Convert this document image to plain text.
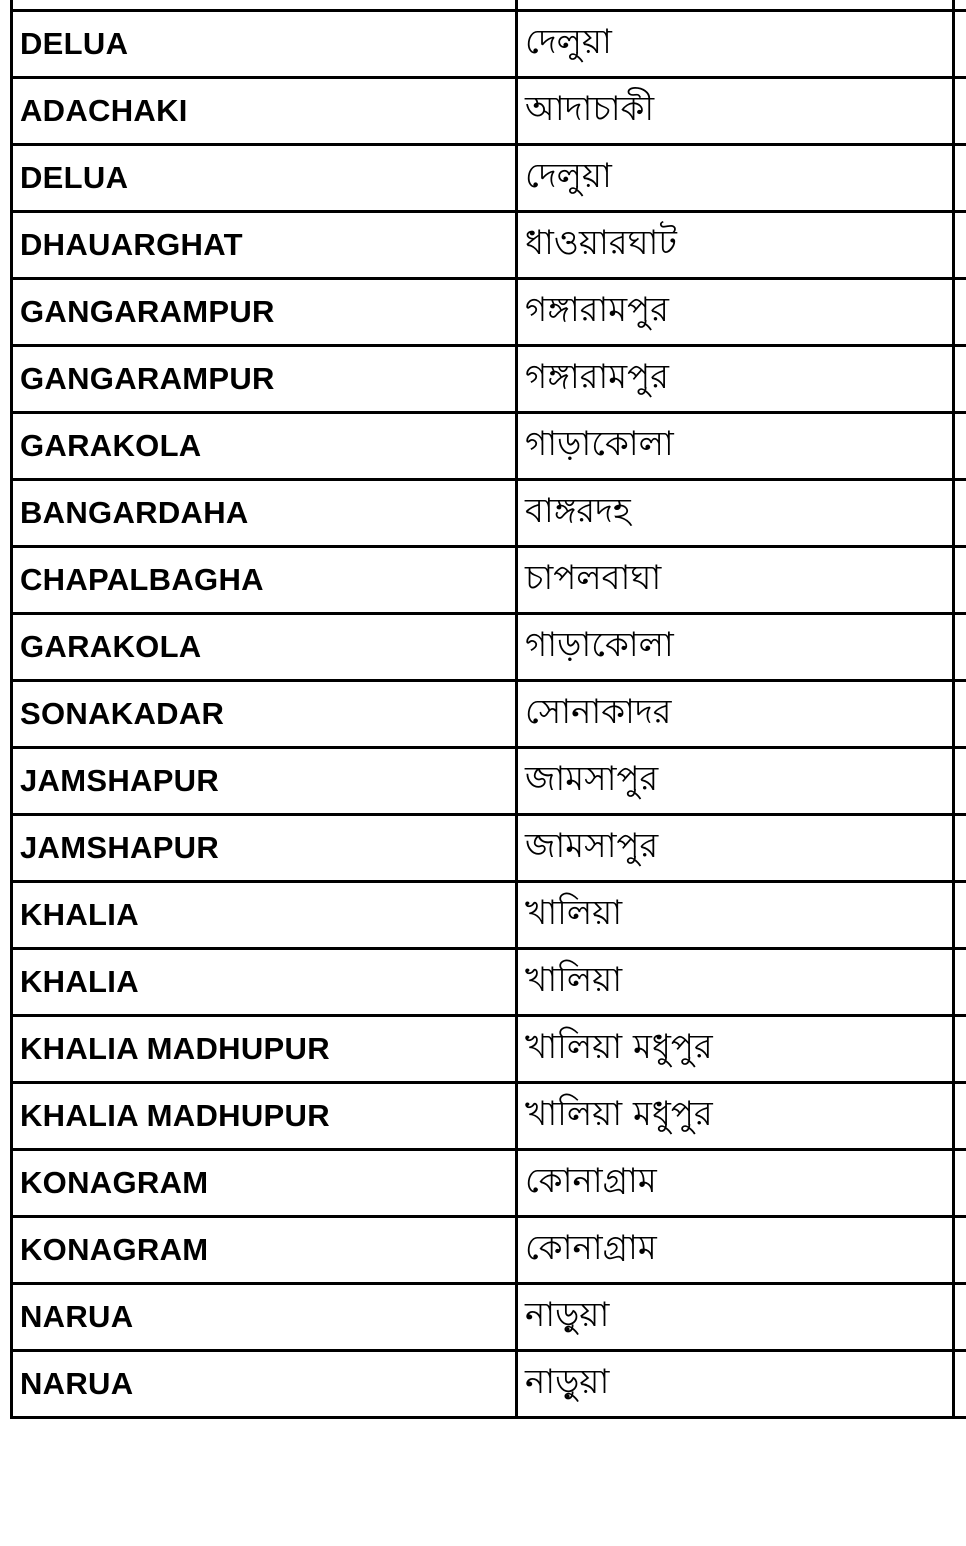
DELUA	দেলুয়া
ADACHAKI	আদাচাকী
DELUA	দেলুয়া
DHAUARGHAT	ধাওয়ারঘাট
GANGARAMPUR	গঙ্গারামপুর
GANGARAMPUR	গঙ্গারামপুর
GARAKOLA	গাড়াকোলা
BANGARDAHA	বাঙ্গরদহ
CHAPALBAGHA	চাপলবাঘা
GARAKOLA	গাড়াকোলা
SONAKADAR	সোনাকাদর
JAMSHAPUR	জামসাপুর
JAMSHAPUR	জামসাপুর
KHALIA	খালিয়া
KHALIA	খালিয়া
KHALIA MADHUPUR	খালিয়া মধুপুর
KHALIA MADHUPUR	খালিয়া মধুপুর
KONAGRAM	কোনাগ্রাম
KONAGRAM	কোনাগ্রাম
NARUA	নাড়ুয়া
NARUA	নাড়ুয়া
